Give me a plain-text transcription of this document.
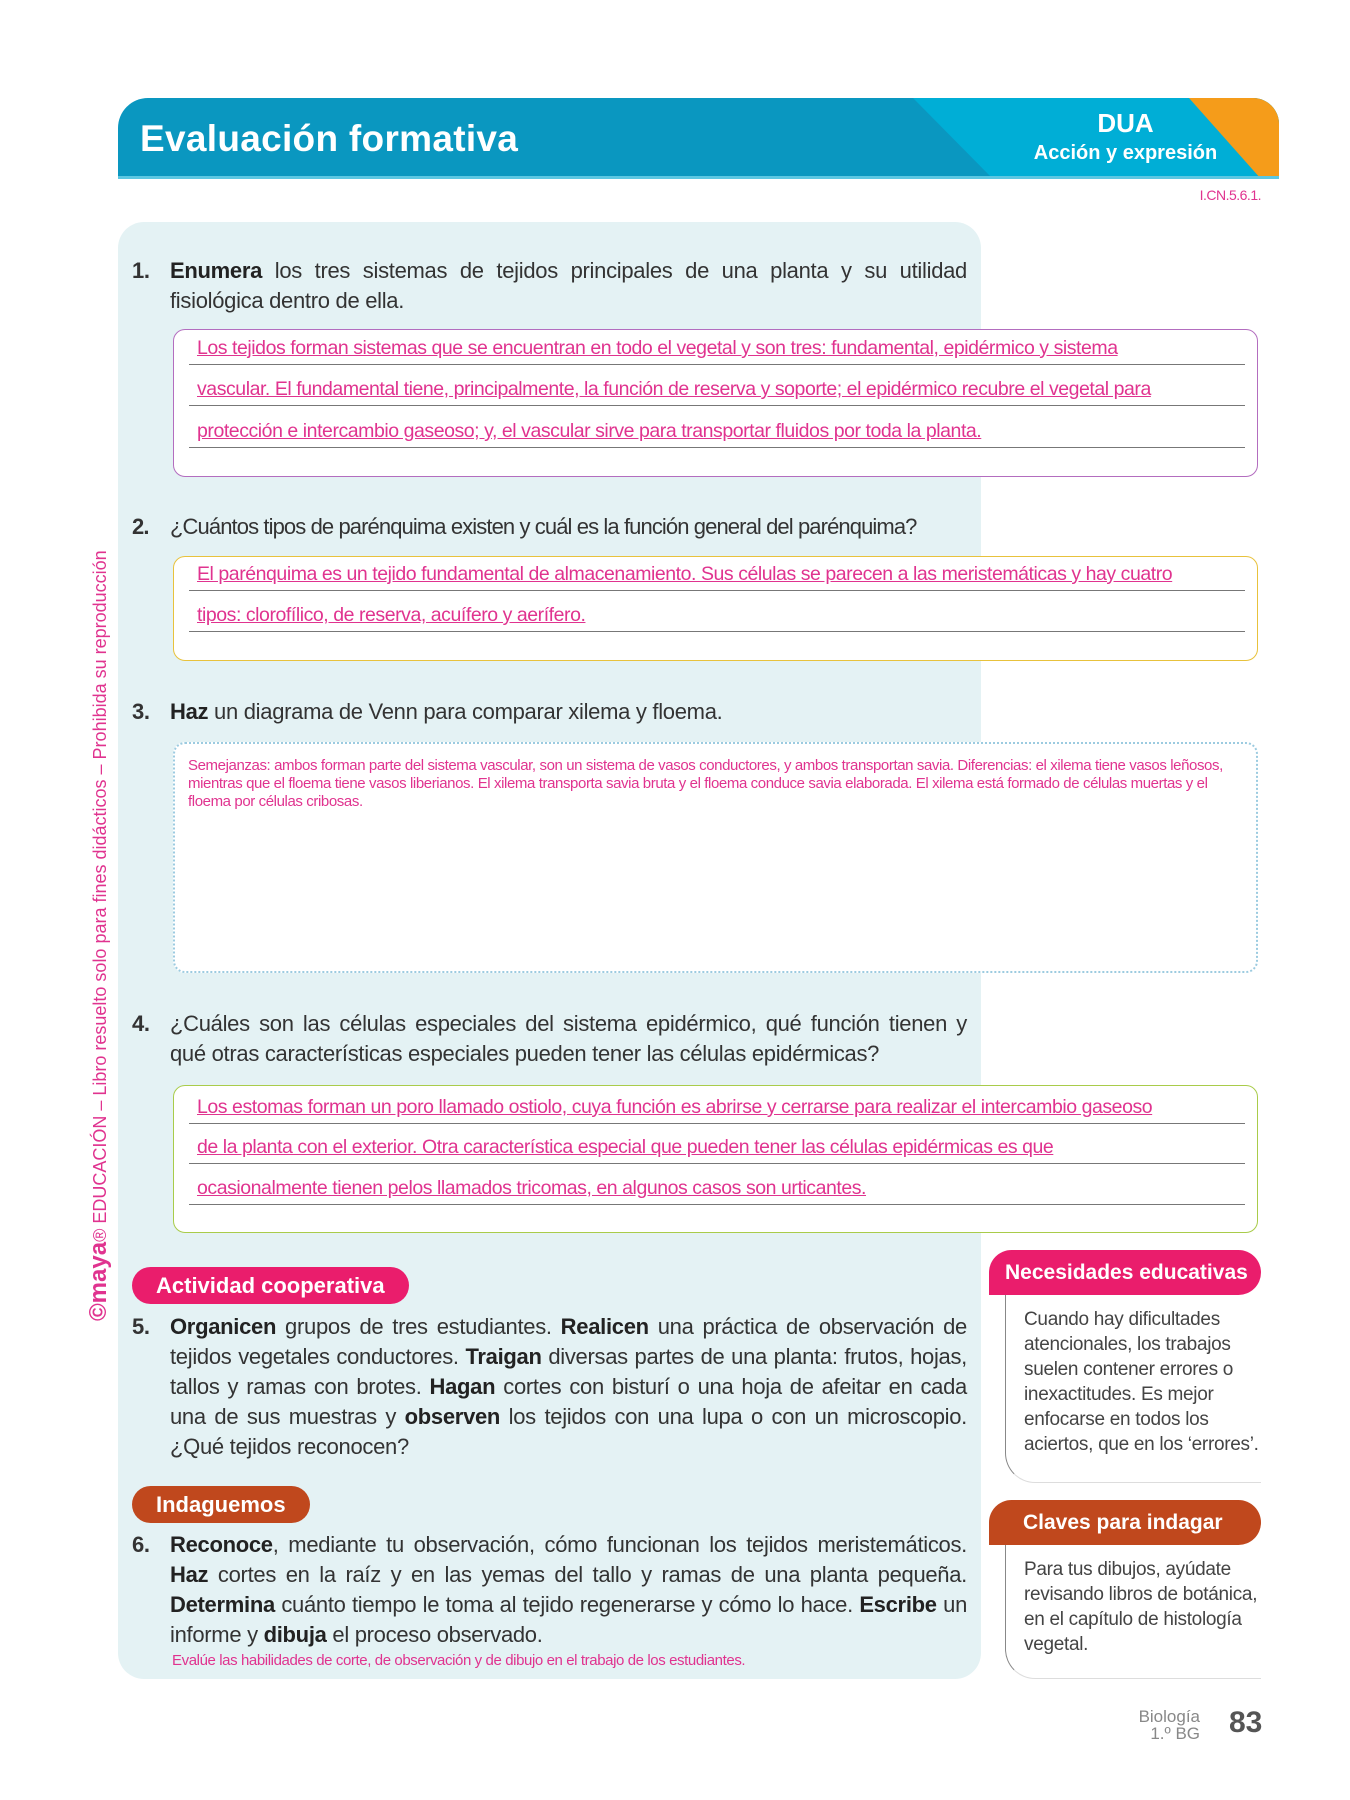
Evaluación formativa	DUA
Acción y expresión
I.CN.5.6.1.
©maya® EDUCACIÓN – Libro resuelto solo para fines didácticos – Prohibida su reproducción
1. Enumera los tres sistemas de tejidos principales de una planta y su utilidad fisiológica dentro de ella.
Los tejidos forman sistemas que se encuentran en todo el vegetal y son tres: fundamental, epidérmico y sistema
vascular. El fundamental tiene, principalmente, la función de reserva y soporte; el epidérmico recubre el vegetal para
protección e intercambio gaseoso; y, el vascular sirve para transportar fluidos por toda la planta.
2. ¿Cuántos tipos de parénquima existen y cuál es la función general del parénquima?
El parénquima es un tejido fundamental de almacenamiento. Sus células se parecen a las meristemáticas y hay cuatro
tipos: clorofílico, de reserva, acuífero y aerífero.
3. Haz un diagrama de Venn para comparar xilema y floema.
Semejanzas: ambos forman parte del sistema vascular, son un sistema de vasos conductores, y ambos transportan savia. Diferencias: el xilema tiene vasos leñosos, mientras que el floema tiene vasos liberianos. El xilema transporta savia bruta y el floema conduce savia elaborada. El xilema está formado de células muertas y el floema por células cribosas.
4. ¿Cuáles son las células especiales del sistema epidérmico, qué función tienen y qué otras características especiales pueden tener las células epidérmicas?
Los estomas forman un poro llamado ostiolo, cuya función es abrirse y cerrarse para realizar el intercambio gaseoso
de la planta con el exterior. Otra característica especial que pueden tener las células epidérmicas es que
ocasionalmente tienen pelos llamados tricomas, en algunos casos son urticantes.
Actividad cooperativa
5. Organicen grupos de tres estudiantes. Realicen una práctica de observación de tejidos vegetales conductores. Traigan diversas partes de una planta: frutos, hojas, tallos y ramas con brotes. Hagan cortes con bisturí o una hoja de afeitar en cada una de sus muestras y observen los tejidos con una lupa o con un microscopio. ¿Qué tejidos reconocen?
Indaguemos
6. Reconoce, mediante tu observación, cómo funcionan los tejidos meristemáticos. Haz cortes en la raíz y en las yemas del tallo y ramas de una planta pequeña. Determina cuánto tiempo le toma al tejido regenerarse y cómo lo hace. Escribe un informe y dibuja el proceso observado.
Evalúe las habilidades de corte, de observación y de dibujo en el trabajo de los estudiantes.
Necesidades educativas
Cuando hay dificultades atencionales, los trabajos suelen contener errores o inexactitudes. Es mejor enfocarse en todos los aciertos, que en los ‘errores’.
Claves para indagar
Para tus dibujos, ayúdate revisando libros de botánica, en el capítulo de histología vegetal.
Biología
1.º BG 83
